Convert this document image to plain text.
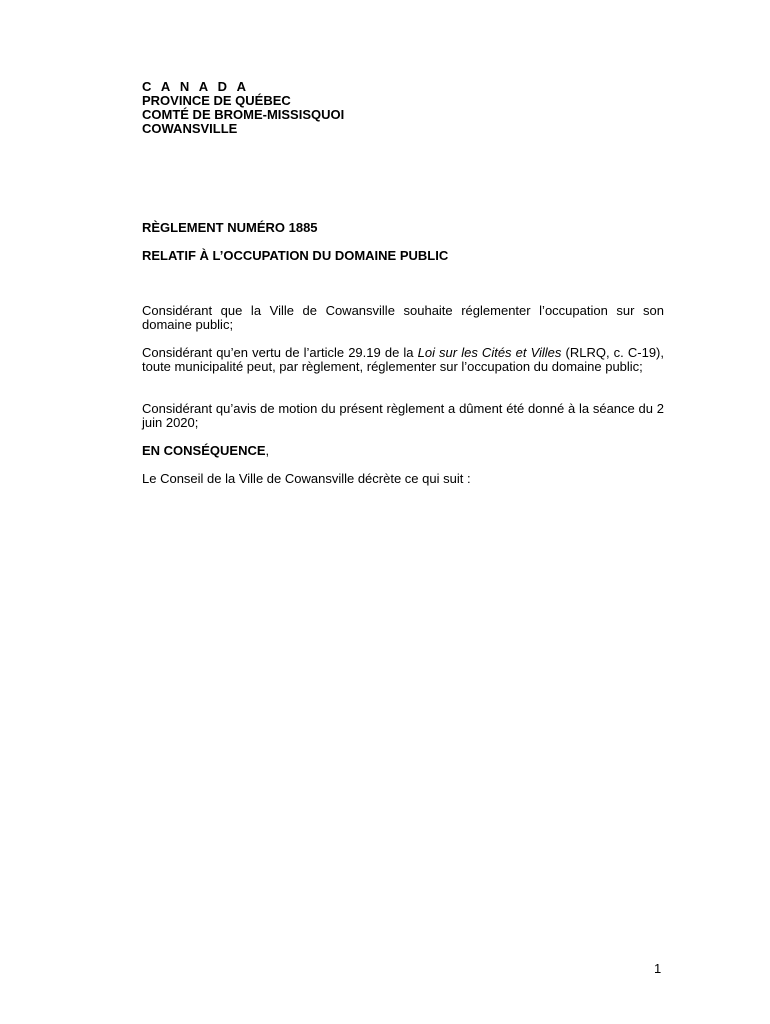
C A N A D A
PROVINCE DE QUÉBEC
COMTÉ DE BROME-MISSISQUOI
COWANSVILLE
RÈGLEMENT NUMÉRO 1885
RELATIF À L’OCCUPATION DU DOMAINE PUBLIC
Considérant que la Ville de Cowansville souhaite réglementer l’occupation sur son domaine public;
Considérant qu’en vertu de l’article 29.19 de la Loi sur les Cités et Villes (RLRQ, c. C-19), toute municipalité peut, par règlement, réglementer sur l’occupation du domaine public;
Considérant qu’avis de motion du présent règlement a dûment été donné à la séance du 2 juin 2020;
EN CONSÉQUENCE,
Le Conseil de la Ville de Cowansville décrète ce qui suit :
1
